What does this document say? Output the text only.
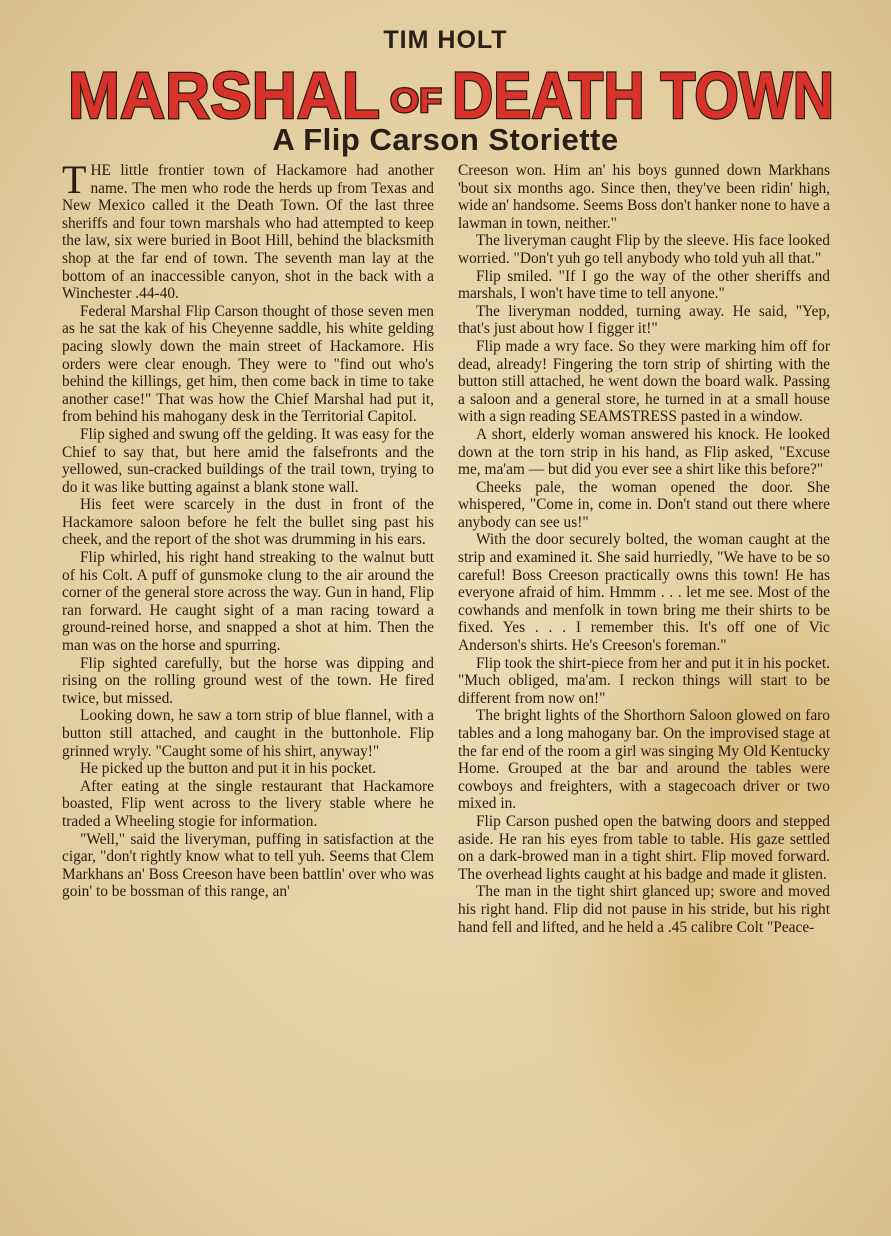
TIM HOLT
MARSHAL OF DEATH TOWN
A Flip Carson Storiette

THE little frontier town of Hackamore had another name. The men who rode the herds up from Texas and New Mexico called it the Death Town. Of the last three sheriffs and four town marshals who had attempted to keep the law, six were buried in Boot Hill, behind the blacksmith shop at the far end of town. The seventh man lay at the bottom of an inaccessible canyon, shot in the back with a Winchester .44-40.

Federal Marshal Flip Carson thought of those seven men as he sat the kak of his Cheyenne saddle, his white gelding pacing slowly down the main street of Hackamore. His orders were clear enough. They were to "find out who's behind the killings, get him, then come back in time to take another case!" That was how the Chief Marshal had put it, from behind his mahogany desk in the Territorial Capitol.

Flip sighed and swung off the gelding. It was easy for the Chief to say that, but here amid the falsefronts and the yellowed, sun-cracked buildings of the trail town, trying to do it was like butting against a blank stone wall.

His feet were scarcely in the dust in front of the Hackamore saloon before he felt the bullet sing past his cheek, and the report of the shot was drumming in his ears.

Flip whirled, his right hand streaking to the walnut butt of his Colt. A puff of gunsmoke clung to the air around the corner of the general store across the way. Gun in hand, Flip ran forward. He caught sight of a man racing toward a ground-reined horse, and snapped a shot at him. Then the man was on the horse and spurring.

Flip sighted carefully, but the horse was dipping and rising on the rolling ground west of the town. He fired twice, but missed.

Looking down, he saw a torn strip of blue flannel, with a button still attached, and caught in the buttonhole. Flip grinned wryly. "Caught some of his shirt, anyway!"

He picked up the button and put it in his pocket.

After eating at the single restaurant that Hackamore boasted, Flip went across to the livery stable where he traded a Wheeling stogie for information.

"Well," said the liveryman, puffing in satisfaction at the cigar, "don't rightly know what to tell yuh. Seems that Clem Markhans an' Boss Creeson have been battlin' over who was goin' to be bossman of this range, an'

Creeson won. Him an' his boys gunned down Markhans 'bout six months ago. Since then, they've been ridin' high, wide an' handsome. Seems Boss don't hanker none to have a lawman in town, neither."

The liveryman caught Flip by the sleeve. His face looked worried. "Don't yuh go tell anybody who told yuh all that."

Flip smiled. "If I go the way of the other sheriffs and marshals, I won't have time to tell anyone."

The liveryman nodded, turning away. He said, "Yep, that's just about how I figger it!"

Flip made a wry face. So they were marking him off for dead, already! Fingering the torn strip of shirting with the button still attached, he went down the board walk. Passing a saloon and a general store, he turned in at a small house with a sign reading SEAMSTRESS pasted in a window.

A short, elderly woman answered his knock. He looked down at the torn strip in his hand, as Flip asked, "Excuse me, ma'am — but did you ever see a shirt like this before?"

Cheeks pale, the woman opened the door. She whispered, "Come in, come in. Don't stand out there where anybody can see us!"

With the door securely bolted, the woman caught at the strip and examined it. She said hurriedly, "We have to be so careful! Boss Creeson practically owns this town! He has everyone afraid of him. Hmmm . . . let me see. Most of the cowhands and menfolk in town bring me their shirts to be fixed. Yes . . . I remember this. It's off one of Vic Anderson's shirts. He's Creeson's foreman."

Flip took the shirt-piece from her and put it in his pocket. "Much obliged, ma'am. I reckon things will start to be different from now on!"

The bright lights of the Shorthorn Saloon glowed on faro tables and a long mahogany bar. On the improvised stage at the far end of the room a girl was singing My Old Kentucky Home. Grouped at the bar and around the tables were cowboys and freighters, with a stagecoach driver or two mixed in.

Flip Carson pushed open the batwing doors and stepped aside. He ran his eyes from table to table. His gaze settled on a dark-browed man in a tight shirt. Flip moved forward. The overhead lights caught at his badge and made it glisten.

The man in the tight shirt glanced up; swore and moved his right hand. Flip did not pause in his stride, but his right hand fell and lifted, and he held a .45 calibre Colt "Peace-
